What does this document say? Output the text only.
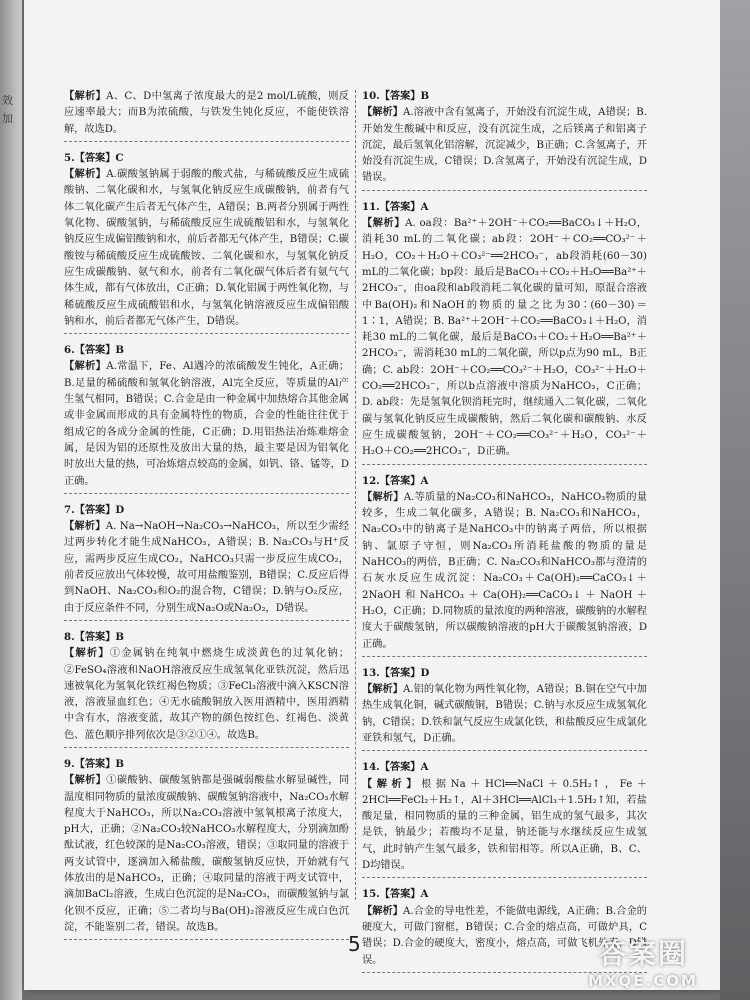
效
加
【解析】A、C、D中氢离子浓度最大的是2 mol/L硫酸，则反应速率最大；而B为浓硫酸，与铁发生钝化反应，不能使铁溶解，故选D。
5.【答案】C
【解析】A.碳酸氢钠属于弱酸的酸式盐，与稀硫酸反应生成硫酸钠、二氧化碳和水，与氢氧化钠反应生成碳酸钠，前者有气体二氧化碳产生后者无气体产生，A错误；B.两者分别属于两性氧化物、碳酸氢钠，与稀硫酸反应生成硫酸铝和水，与氢氧化钠反应生成偏铝酸钠和水，前后者都无气体产生，B错误；C.碳酸铵与稀硫酸反应生成硫酸铵、二氧化碳和水，与氢氧化钠反应生成碳酸钠、氨气和水，前者有二氧化碳气体后者有氨气气体生成，都有气体放出，C正确；D.氧化铝属于两性氧化物，与稀硫酸反应生成硫酸铝和水，与氢氧化钠溶液反应生成偏铝酸钠和水，前后者都无气体产生，D错误。
6.【答案】B
【解析】A.常温下，Fe、Al遇冷的浓硫酸发生钝化，A正确；B.足量的稀硫酸和氢氧化钠溶液，Al完全反应，等质量的Al产生氢气相同，B错误；C.合金是由一种金属中加热熔合其他金属或非金属而形成的具有金属特性的物质，合金的性能往往优于组成它的各成分金属的性能，C正确；D.用铝热法冶炼难熔金属，是因为铝的还原性及放出大量的热，最主要是因为铝氧化时放出大量的热，可冶炼熔点较高的金属，如钒、铬、锰等，D正确。
7.【答案】D
【解析】A. Na→NaOH→Na₂CO₃→NaHCO₃，所以至少需经过两步转化才能生成NaHCO₃，A错误；B. Na₂CO₃与H⁺反应，需两步反应生成CO₂，NaHCO₃只需一步反应生成CO₂，前者反应放出气体较慢，故可用盐酸鉴别，B错误；C.反应后得到NaOH、Na₂CO₃和O₂的混合物，C错误；D.钠与O₂反应，由于反应条件不同，分别生成Na₂O或Na₂O₂，D错误。
8.【答案】B
【解析】①金属钠在纯氧中燃烧生成淡黄色的过氧化钠；②FeSO₄溶液和NaOH溶液反应生成氢氧化亚铁沉淀，然后迅速被氧化为氢氧化铁红褐色物质；③FeCl₃溶液中滴入KSCN溶液，溶液显血红色；④无水硫酸铜放入医用酒精中，医用酒精中含有水，溶液变蓝，故其产物的颜色按红色、红褐色、淡黄色、蓝色顺序排列依次是③②①④。故选B。
9.【答案】B
【解析】①碳酸钠、碳酸氢钠都是强碱弱酸盐水解显碱性，同温度相同物质的量浓度碳酸钠、碳酸氢钠溶液中，Na₂CO₃水解程度大于NaHCO₃，所以Na₂CO₃溶液中氢氧根离子浓度大，pH大，正确；②Na₂CO₃较NaHCO₃水解程度大，分别滴加酚酞试液，红色较深的是Na₂CO₃溶液，错误；③取同量的溶液于两支试管中，逐滴加入稀盐酸，碳酸氢钠反应快，开始就有气体放出的是NaHCO₃，正确；④取同量的溶液于两支试管中，滴加BaCl₂溶液，生成白色沉淀的是Na₂CO₃，而碳酸氢钠与氯化钡不反应，正确；⑤二者均与Ba(OH)₂溶液反应生成白色沉淀，不能鉴别二者，错误。故选B。
10.【答案】B
【解析】A.溶液中含有氢离子，开始没有沉淀生成，A错误；B.开始发生酸碱中和反应，没有沉淀生成，之后镁离子和铝离子沉淀，最后氢氧化铝溶解，沉淀减少，B正确；C.含氢离子，开始没有沉淀生成，C错误；D.含氢离子，开始没有沉淀生成，D错误。
11.【答案】A
【解析】A. oa段：Ba²⁺＋2OH⁻＋CO₂══BaCO₃↓＋H₂O，消耗30 mL的二氧化碳；ab段：2OH⁻＋CO₂══CO₃²⁻＋H₂O，CO₂＋H₂O＋CO₃²⁻══2HCO₃⁻，ab段消耗(60－30) mL的二氧化碳；bp段：最后是BaCO₃＋CO₂＋H₂O══Ba²⁺＋2HCO₃⁻，由oa段和ab段消耗二氧化碳的量可知，原混合溶液中Ba(OH)₂和NaOH的物质的量之比为30∶(60－30)＝1∶1，A错误；B. Ba²⁺＋2OH⁻＋CO₂══BaCO₃↓＋H₂O，消耗30 mL的二氧化碳，最后是BaCO₃＋CO₂＋H₂O══Ba²⁺＋2HCO₃⁻，需消耗30 mL的二氧化碳，所以p点为90 mL，B正确；C. ab段：2OH⁻＋CO₂══CO₃²⁻＋H₂O，CO₃²⁻＋H₂O＋CO₂══2HCO₃⁻，所以b点溶液中溶质为NaHCO₃，C正确；D. ab段：先是氢氧化钡消耗完时，继续通入二氧化碳，二氧化碳与氢氧化钠反应生成碳酸钠，然后二氧化碳和碳酸钠、水反应生成碳酸氢钠，2OH⁻＋CO₂══CO₃²⁻＋H₂O，CO₃²⁻＋H₂O＋CO₂══2HCO₃⁻，D正确。
12.【答案】A
【解析】A.等质量的Na₂CO₃和NaHCO₃，NaHCO₃物质的量较多，生成二氧化碳多，A错误；B. Na₂CO₃和NaHCO₃，Na₂CO₃中的钠离子是NaHCO₃中的钠离子两倍，所以根据钠、氯原子守恒，则Na₂CO₃所消耗盐酸的物质的量是NaHCO₃的两倍，B正确；C. Na₂CO₃和NaHCO₃都与澄清的石灰水反应生成沉淀：Na₂CO₃＋Ca(OH)₂══CaCO₃↓＋2NaOH和NaHCO₃＋Ca(OH)₂══CaCO₃↓＋NaOH＋H₂O，C正确；D.同物质的量浓度的两种溶液，碳酸钠的水解程度大于碳酸氢钠，所以碳酸钠溶液的pH大于碳酸氢钠溶液，D正确。
13.【答案】D
【解析】A.铝的氧化物为两性氧化物，A错误；B.铜在空气中加热生成氧化铜，碱式碳酸铜，B错误；C.钠与水反应生成氢氧化钠，C错误；D.铁和氯气反应生成氯化铁，和盐酸反应生成氯化亚铁和氢气，D正确。
14.【答案】A
【解析】根据Na＋HCl══NaCl＋0.5H₂↑，Fe＋2HCl══FeCl₂＋H₂↑，Al＋3HCl══AlCl₃＋1.5H₂↑知，若盐酸足量，相同物质的量的三种金属，铝生成的氢气最多，其次是铁，钠最少；若酸均不足量，钠还能与水继续反应生成氢气，此时钠产生氢气最多，铁和铝相等。所以A正确，B、C、D均错误。
15.【答案】A
【解析】A.合金的导电性差，不能做电源线，A正确；B.合金的硬度大，可做门窗框，B错误；C.合金的熔点高，可做炉具，C错误；D.合金的硬度大，密度小，熔点高，可做飞机外壳，D错误。
5	答案圈
MXQE.COM
